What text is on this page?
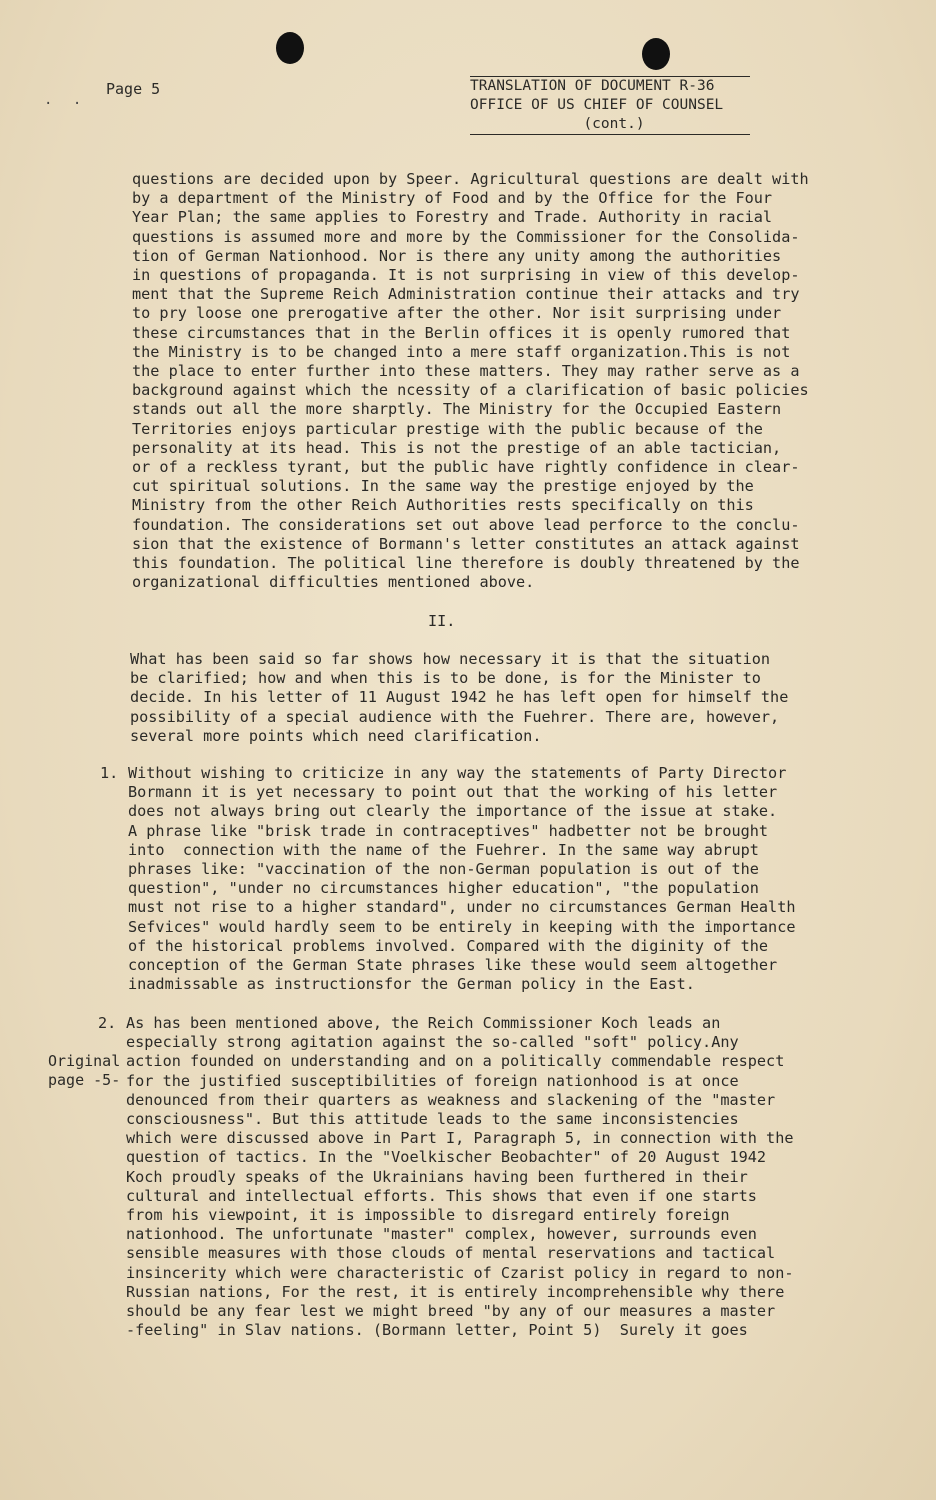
Page 5
· ·
TRANSLATION OF DOCUMENT R-36
OFFICE OF US CHIEF OF COUNSEL
(cont.)
questions are decided upon by Speer. Agricultural questions are dealt with
by a department of the Ministry of Food and by the Office for the Four
Year Plan; the same applies to Forestry and Trade. Authority in racial
questions is assumed more and more by the Commissioner for the Consolida-
tion of German Nationhood. Nor is there any unity among the authorities
in questions of propaganda. It is not surprising in view of this develop-
ment that the Supreme Reich Administration continue their attacks and try
to pry loose one prerogative after the other. Nor isit surprising under
these circumstances that in the Berlin offices it is openly rumored that
the Ministry is to be changed into a mere staff organization.This is not
the place to enter further into these matters. They may rather serve as a
background against which the ncessity of a clarification of basic policies
stands out all the more sharptly. The Ministry for the Occupied Eastern
Territories enjoys particular prestige with the public because of the
personality at its head. This is not the prestige of an able tactician,
or of a reckless tyrant, but the public have rightly confidence in clear-
cut spiritual solutions. In the same way the prestige enjoyed by the
Ministry from the other Reich Authorities rests specifically on this
foundation. The considerations set out above lead perforce to the conclu-
sion that the existence of Bormann's letter constitutes an attack against
this foundation. The political line therefore is doubly threatened by the
organizational difficulties mentioned above.
II.
What has been said so far shows how necessary it is that the situation
be clarified; how and when this is to be done, is for the Minister to
decide. In his letter of 11 August 1942 he has left open for himself the
possibility of a special audience with the Fuehrer. There are, however,
several more points which need clarification.
1. Without wishing to criticize in any way the statements of Party Director
Bormann it is yet necessary to point out that the working of his letter
does not always bring out clearly the importance of the issue at stake.
A phrase like "brisk trade in contraceptives" hadbetter not be brought
into  connection with the name of the Fuehrer. In the same way abrupt
phrases like: "vaccination of the non-German population is out of the
question", "under no circumstances higher education", "the population
must not rise to a higher standard", under no circumstances German Health
Sefvices" would hardly seem to be entirely in keeping with the importance
of the historical problems involved. Compared with the diginity of the
conception of the German State phrases like these would seem altogether
inadmissable as instructionsfor the German policy in the East.
2. As has been mentioned above, the Reich Commissioner Koch leads an
especially strong agitation against the so-called "soft" policy.Any
action founded on understanding and on a politically commendable respect
for the justified susceptibilities of foreign nationhood is at once
denounced from their quarters as weakness and slackening of the "master
consciousness". But this attitude leads to the same inconsistencies
which were discussed above in Part I, Paragraph 5, in connection with the
question of tactics. In the "Voelkischer Beobachter" of 20 August 1942
Koch proudly speaks of the Ukrainians having been furthered in their
cultural and intellectual efforts. This shows that even if one starts
from his viewpoint, it is impossible to disregard entirely foreign
nationhood. The unfortunate "master" complex, however, surrounds even
sensible measures with those clouds of mental reservations and tactical
insincerity which were characteristic of Czarist policy in regard to non-
Russian nations, For the rest, it is entirely incomprehensible why there
should be any fear lest we might breed "by any of our measures a master
-feeling" in Slav nations. (Bormann letter, Point 5)  Surely it goes
Original
page -5-
